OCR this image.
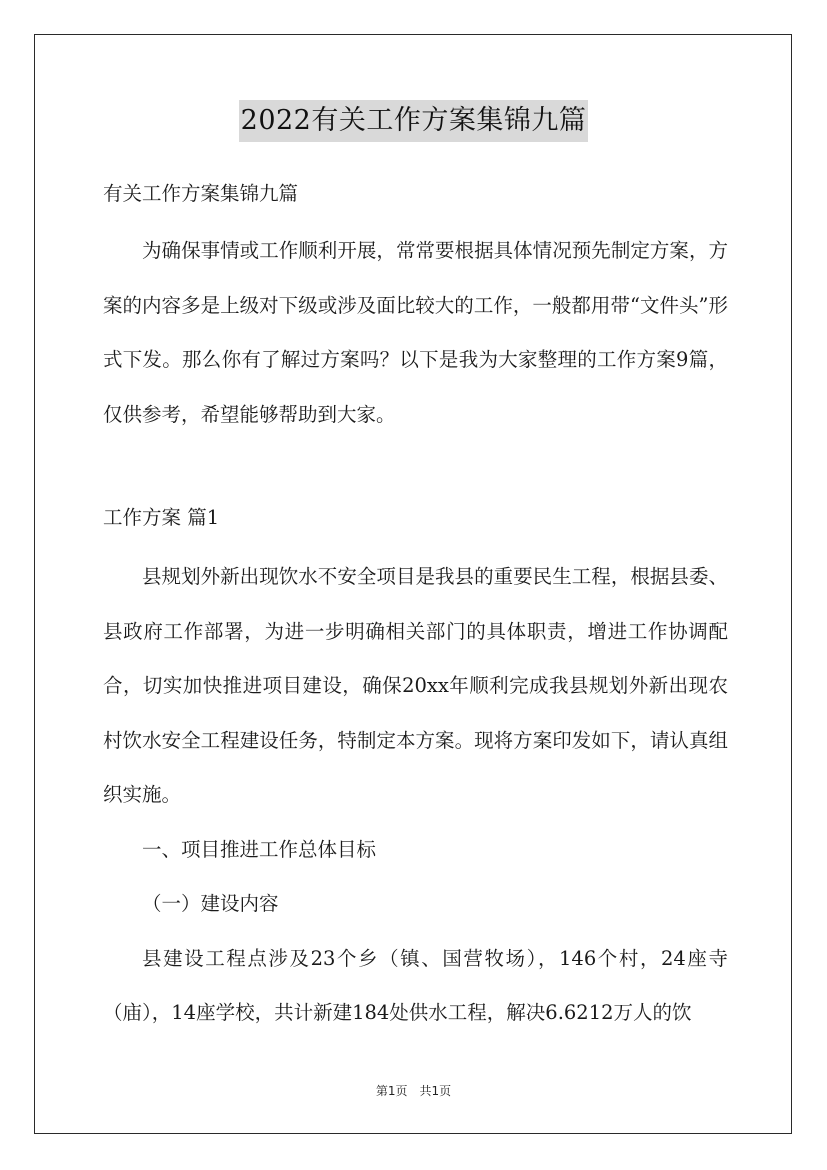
2022有关工作方案集锦九篇

有关工作方案集锦九篇

为确保事情或工作顺利开展，常常要根据具体情况预先制定方案，方案的内容多是上级对下级或涉及面比较大的工作，一般都用带“文件头”形式下发。那么你有了解过方案吗？以下是我为大家整理的工作方案9篇，仅供参考，希望能够帮助到大家。

工作方案 篇1

县规划外新出现饮水不安全项目是我县的重要民生工程，根据县委、县政府工作部署，为进一步明确相关部门的具体职责，增进工作协调配合，切实加快推进项目建设，确保20xx年顺利完成我县规划外新出现农村饮水安全工程建设任务，特制定本方案。现将方案印发如下，请认真组织实施。

一、项目推进工作总体目标

（一）建设内容

县建设工程点涉及23个乡（镇、国营牧场），146个村，24座寺（庙），14座学校，共计新建184处供水工程，解决6.6212万人的饮

第1页 共1页
